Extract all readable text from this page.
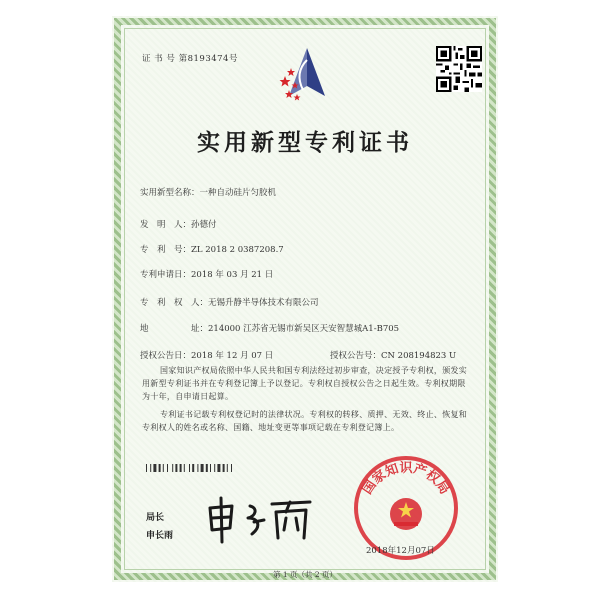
证 书 号 第8193474号
实用新型专利证书
实用新型名称：一种自动硅片匀胶机
发　明　人：孙德付
专　利　号：ZL 2018 2 0387208.7
专利申请日：2018 年 03 月 21 日
专　利　权　人：无锡升静半导体技术有限公司
地　　　　　址：214000 江苏省无锡市新吴区天安智慧城A1-B705
授权公告日：2018 年 12 月 07 日	授权公告号：CN 208194823 U
国家知识产权局依照中华人民共和国专利法经过初步审查，决定授予专利权，颁发实用新型专利证书并在专利登记簿上予以登记。专利权自授权公告之日起生效。专利权期限为十年，自申请日起算。
专利证书记载专利权登记时的法律状况。专利权的转移、质押、无效、终止、恢复和专利权人的姓名或名称、国籍、地址变更等事项记载在专利登记簿上。
局长
申长雨
国家知识产权局
2018年12月07日
第 1 页（共 2 页）
